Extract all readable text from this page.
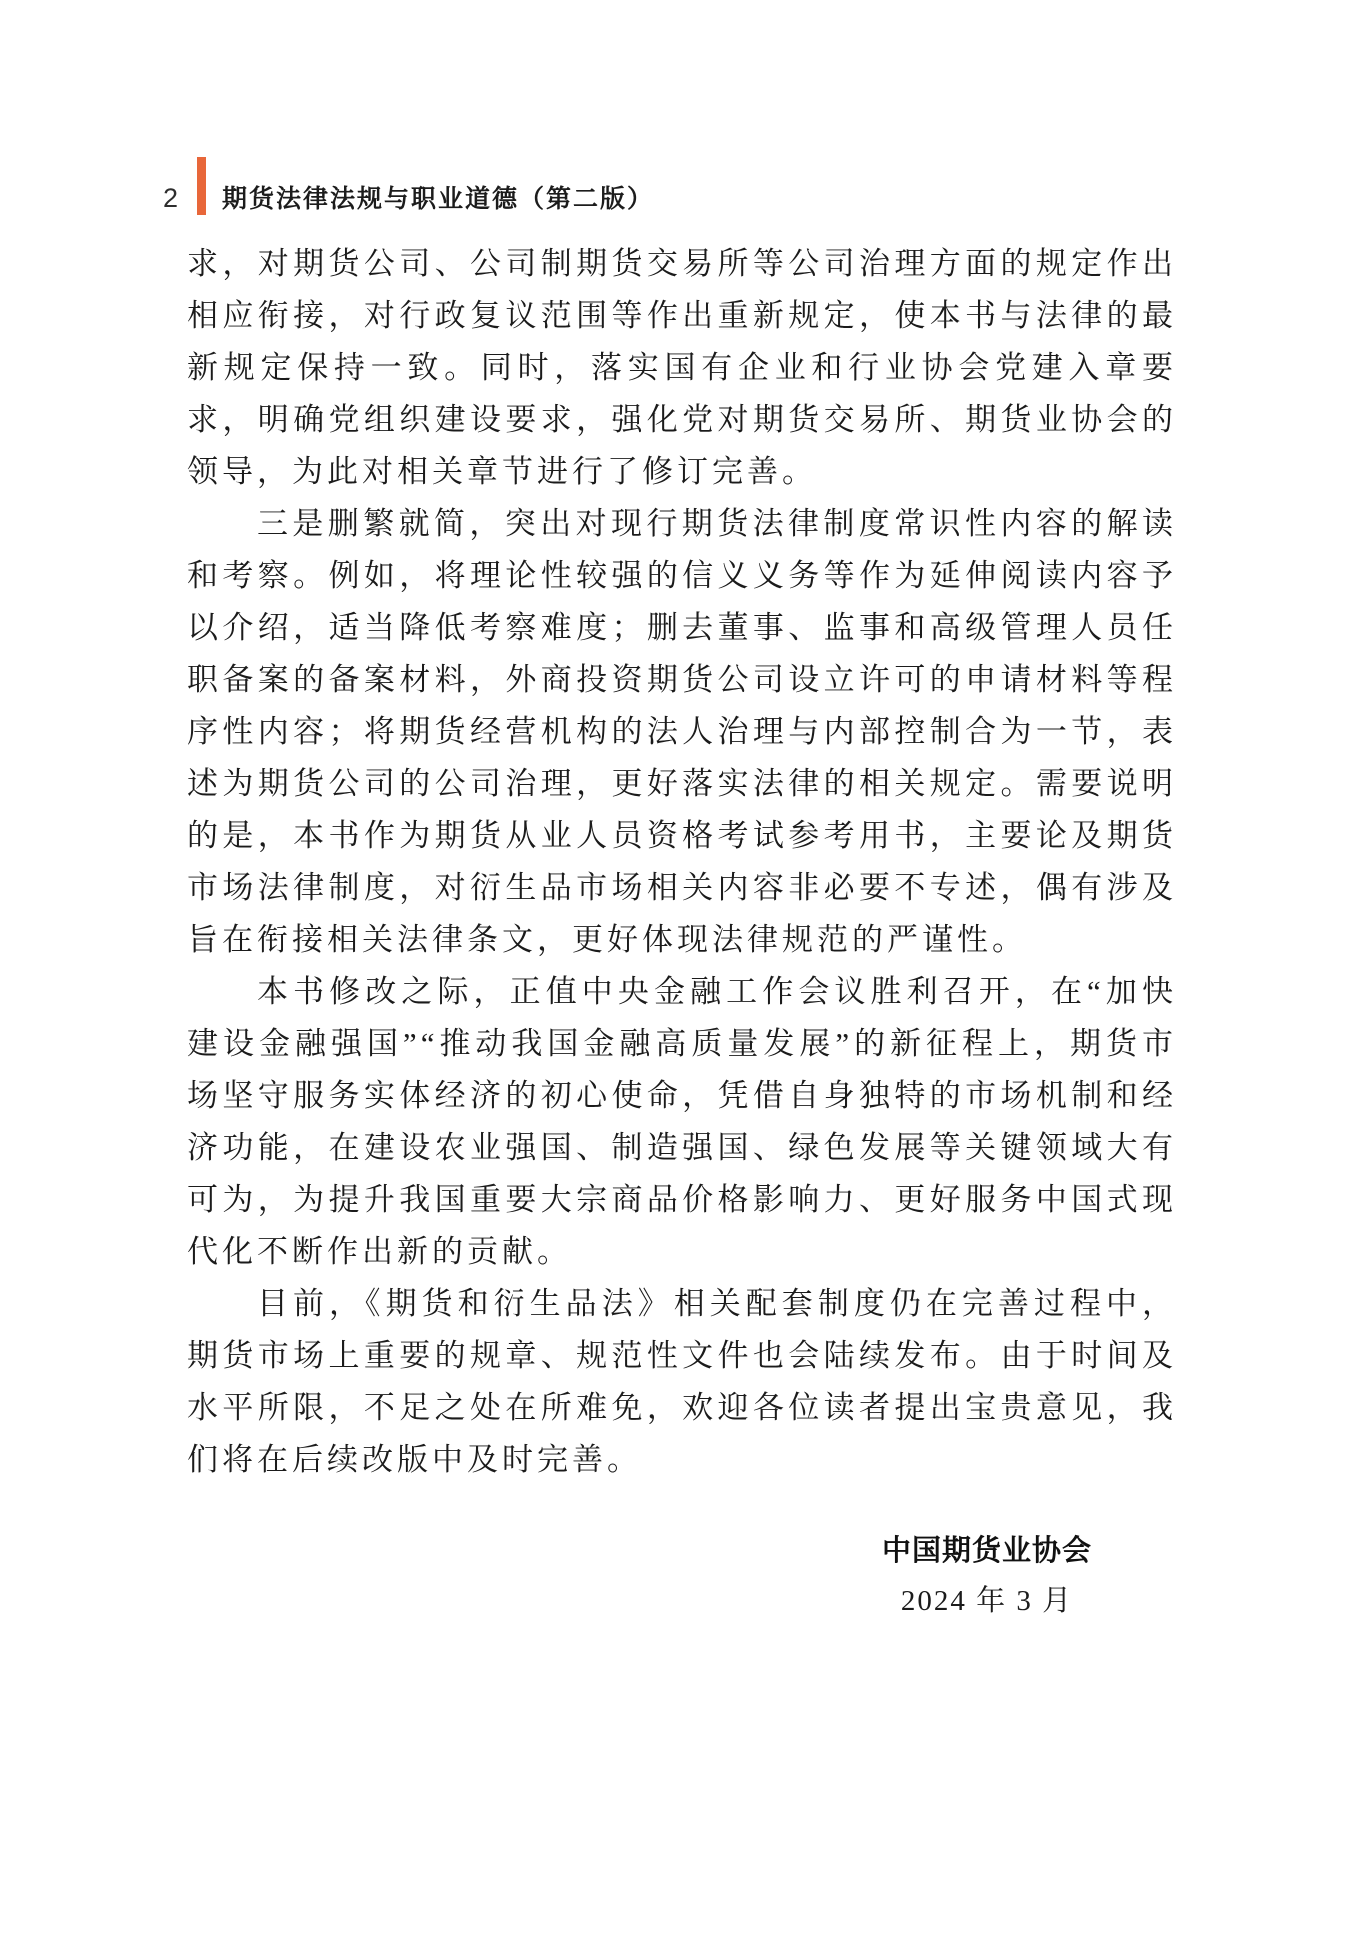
2 期货法律法规与职业道德（第二版）

求，对期货公司、公司制期货交易所等公司治理方面的规定作出相应衔接，对行政复议范围等作出重新规定，使本书与法律的最新规定保持一致。同时，落实国有企业和行业协会党建入章要求，明确党组织建设要求，强化党对期货交易所、期货业协会的领导，为此对相关章节进行了修订完善。

三是删繁就简，突出对现行期货法律制度常识性内容的解读和考察。例如，将理论性较强的信义义务等作为延伸阅读内容予以介绍，适当降低考察难度；删去董事、监事和高级管理人员任职备案的备案材料，外商投资期货公司设立许可的申请材料等程序性内容；将期货经营机构的法人治理与内部控制合为一节，表述为期货公司的公司治理，更好落实法律的相关规定。需要说明的是，本书作为期货从业人员资格考试参考用书，主要论及期货市场法律制度，对衍生品市场相关内容非必要不专述，偶有涉及旨在衔接相关法律条文，更好体现法律规范的严谨性。

本书修改之际，正值中央金融工作会议胜利召开，在“加快建设金融强国”“推动我国金融高质量发展”的新征程上，期货市场坚守服务实体经济的初心使命，凭借自身独特的市场机制和经济功能，在建设农业强国、制造强国、绿色发展等关键领域大有可为，为提升我国重要大宗商品价格影响力、更好服务中国式现代化不断作出新的贡献。

目前，《期货和衍生品法》相关配套制度仍在完善过程中，期货市场上重要的规章、规范性文件也会陆续发布。由于时间及水平所限，不足之处在所难免，欢迎各位读者提出宝贵意见，我们将在后续改版中及时完善。

中国期货业协会
2024 年 3 月
